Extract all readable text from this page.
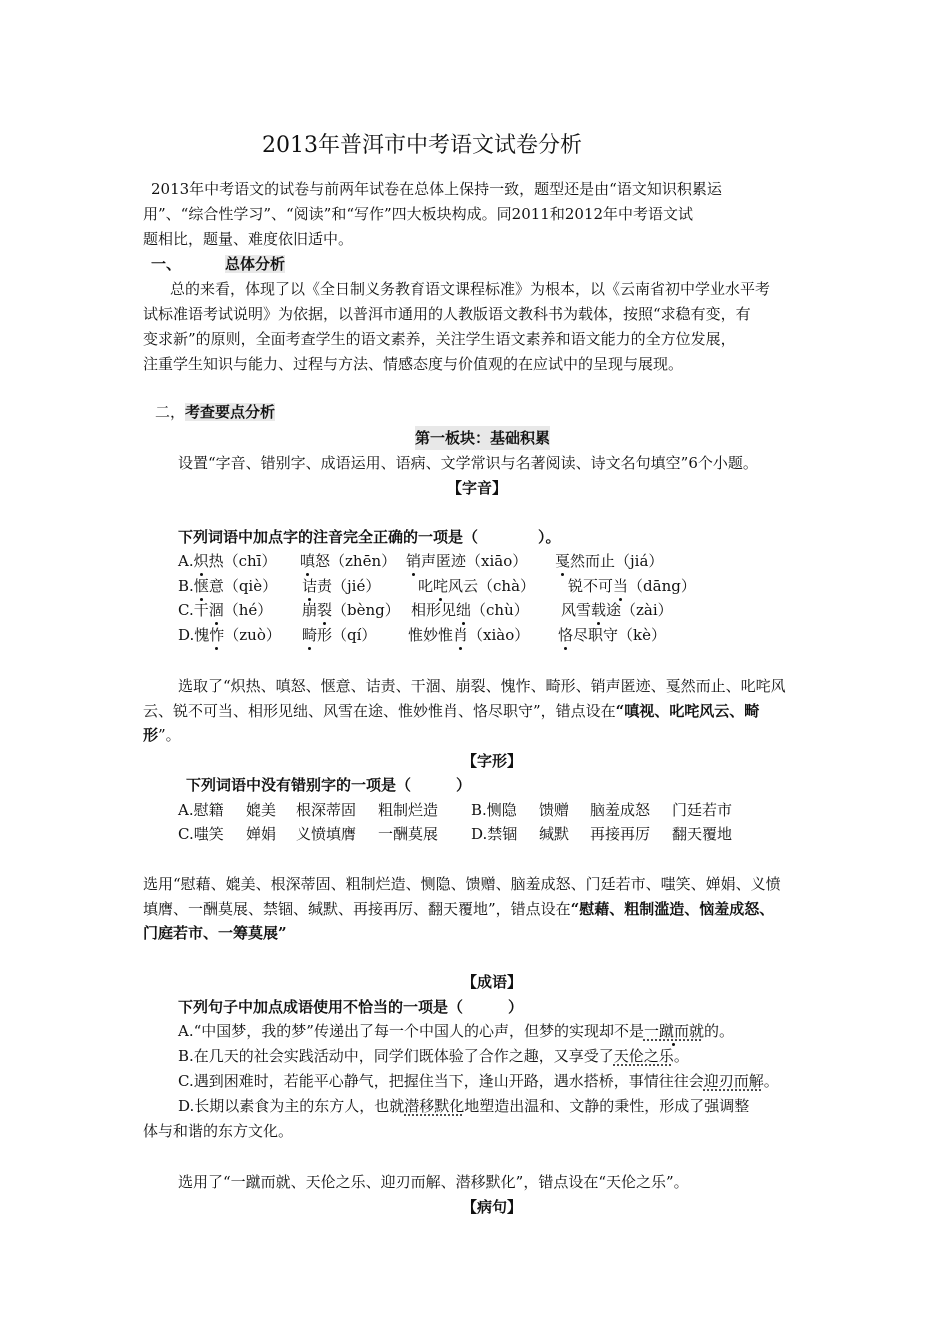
2013年普洱市中考语文试卷分析
2013年中考语文的试卷与前两年试卷在总体上保持一致，题型还是由“语文知识积累运
用”、“综合性学习”、“阅读”和“写作”四大板块构成。同2011和2012年中考语文试
题相比，题量、难度依旧适中。
一、	总体分析
总的来看，体现了以《全日制义务教育语文课程标准》为根本，以《云南省初中学业水平考
试标准语考试说明》为依据，以普洱市通用的人教版语文教科书为载体，按照“求稳有变，有
变求新”的原则，全面考查学生的语文素养，关注学生语文素养和语文能力的全方位发展，
注重学生知识与能力、过程与方法、情感态度与价值观的在应试中的呈现与展现。
二，考查要点分析
第一板块：基础积累
设置“字音、错别字、成语运用、语病、文学常识与名著阅读、诗文名句填空”6个小题。
【字音】
下列词语中加点字的注音完全正确的一项是（　　　　）。
A.炽热（chī） 嗔怒（zhēn） 销声匿迹（xiāo） 戛然而止（jiá）
B.惬意（qiè） 诘责（jié）	叱咤风云（chà） 锐不可当（dāng）
C.干涸（hé） 崩裂（bèng） 相形见绌（chù） 风雪载途（zài）
D.愧怍（zuò） 畸形（qí） 惟妙惟肖（xiào） 恪尽职守（kè）
选取了“炽热、嗔怒、惬意、诘责、干涸、崩裂、愧怍、畸形、销声匿迹、戛然而止、叱咤风
云、锐不可当、相形见绌、风雪在途、惟妙惟肖、恪尽职守”，错点设在“嗔视、叱咤风云、畸
形”。
【字形】
下列词语中没有错别字的一项是（　　　）
A.慰籍 媲美 根深蒂固 粗制烂造 B.恻隐 馈赠 脑羞成怒 门廷若市
C.嗤笑 婵娟 义愤填膺 一酬莫展 D.禁锢 缄默 再接再厉 翻天覆地
选用“慰藉、媲美、根深蒂固、粗制烂造、恻隐、馈赠、脑羞成怒、门廷若市、嗤笑、婵娟、义愤
填膺、一酬莫展、禁锢、缄默、再接再厉、翻天覆地”，错点设在“慰藉、粗制滥造、恼羞成怒、
门庭若市、一筹莫展”
【成语】
下列句子中加点成语使用不恰当的一项是（　　　）
A.“中国梦，我的梦”传递出了每一个中国人的心声，但梦的实现却不是一蹴而就的。
B.在几天的社会实践活动中，同学们既体验了合作之趣，又享受了天伦之乐。
C.遇到困难时，若能平心静气，把握住当下，逢山开路，遇水搭桥，事情往往会迎刃而解。
D.长期以素食为主的东方人，也就潜移默化地塑造出温和、文静的秉性，形成了强调整
体与和谐的东方文化。
选用了“一蹴而就、天伦之乐、迎刃而解、潜移默化”，错点设在“天伦之乐”。
【病句】
